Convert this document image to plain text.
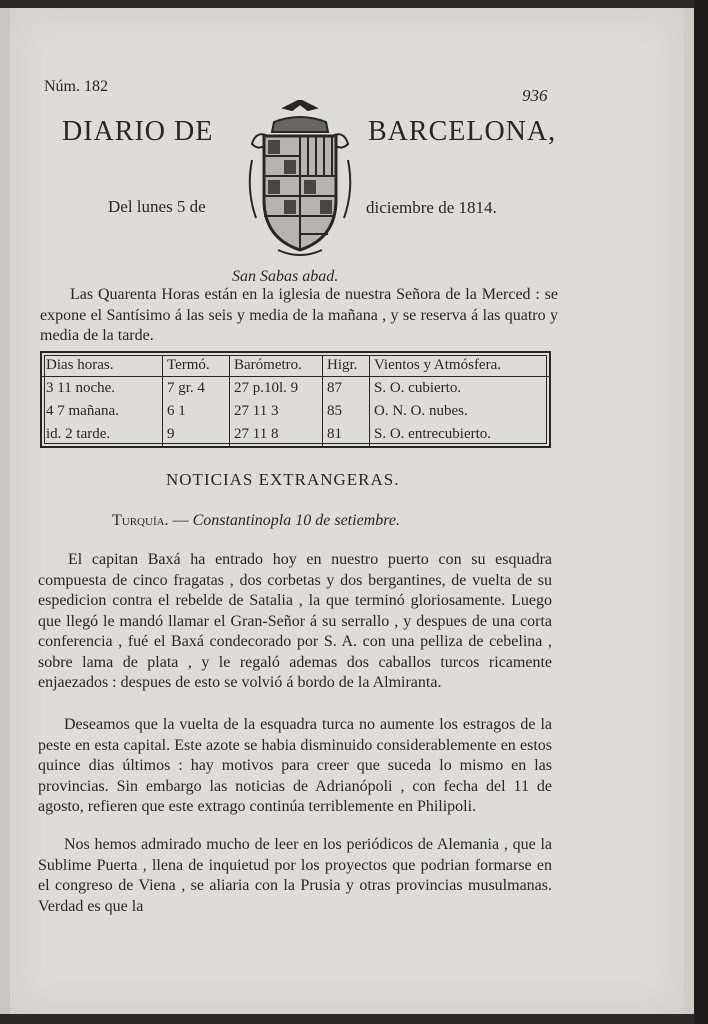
Núm. 182	936
DIARIO DE	BARCELONA,
Del lunes 5 de	diciembre de 1814.
San Sabas abad.
Las Quarenta Horas están en la iglesia de nuestra Señora de la Merced : se expone el Santísimo á las seis y media de la mañana , y se reserva á las quatro y media de la tarde.
Dias horas.	Termó.	Barómetro.	Higr.	Vientos y Atmósfera.
3 11 noche.	7 gr. 4	27 p.10l. 9	87	S. O. cubierto.
4 7 mañana.	6 1	27 11 3	85	O. N. O. nubes.
id. 2 tarde.	9	27 11 8	81	S. O. entrecubierto.
NOTICIAS EXTRANGERAS.
Turquía. — Constantinopla 10 de setiembre.
El capitan Baxá ha entrado hoy en nuestro puerto con su esquadra compuesta de cinco fragatas , dos corbetas y dos bergantines, de vuelta de su espedicion contra el rebelde de Satalia , la que terminó gloriosamente. Luego que llegó le mandó llamar el Gran-Señor á su serrallo , y despues de una corta conferencia , fué el Baxá condecorado por S. A. con una pelliza de cebelina , sobre lama de plata , y le regaló ademas dos caballos turcos ricamente enjaezados : despues de esto se volvió á bordo de la Almiranta.
Deseamos que la vuelta de la esquadra turca no aumente los estragos de la peste en esta capital. Este azote se habia disminuido considerablemente en estos quince dias últimos : hay motivos para creer que suceda lo mismo en las provincias. Sin embargo las noticias de Adrianópoli , con fecha del 11 de agosto, refieren que este extrago continúa terriblemente en Philipoli.
Nos hemos admirado mucho de leer en los periódicos de Alemania , que la Sublime Puerta , llena de inquietud por los proyectos que podrian formarse en el congreso de Viena , se aliaria con la Prusia y otras provincias musulmanas. Verdad es que la
